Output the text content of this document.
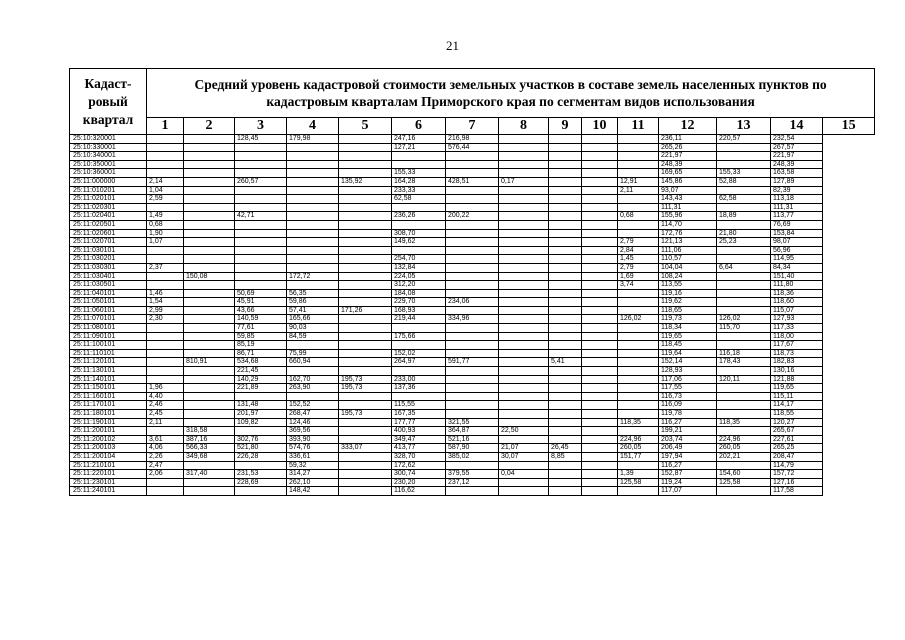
21
Кадаст-
ровый
квартал	Средний уровень кадастровой стоимости земельных участков в составе земель населенных пунктов по
кадастровым кварталам Приморского края по сегментам видов использования														
	1	2	3	4	5	6	7	8	9	10	11	12	13	14	15
25:10:320001			128,45	179,98		247,16	216,98					236,11	220,57	232,54	
25:10:330001						127,21	576,44					265,26		267,57	
25:10:340001												221,97		221,97	
25:10:350001												248,39		248,39	
25:10:360001						155,33						169,65	155,33	163,58	
25:11:000000	2,14		260,57		135,92	164,28	428,51	0,17			12,91	145,86	52,88	127,89	
25:11:010201	1,04					233,33					2,11	93,07		82,39	
25:11:020101	2,59					62,58						143,43	62,58	113,18	
25:11:020301												111,31		111,31	
25:11:020401	1,49		42,71			236,26	200,22				0,68	155,96	18,89	113,77	
25:11:020501	0,68											114,70		76,69	
25:11:020601	1,90					308,70						172,76	21,80	153,84	
25:11:020701	1,07					149,62					2,79	121,13	25,23	98,07	
25:11:030101											2,84	111,06		56,96	
25:11:030201						254,70					1,45	110,57		114,95	
25:11:030301	2,37					132,84					2,79	104,04	6,64	84,34	
25:11:030401		150,08		172,72		224,05					1,69	108,24		151,40	
25:11:030501						312,20					3,74	113,55		111,80	
25:11:040101	1,46		50,69	56,35		184,08						119,16		118,36	
25:11:050101	1,54		45,91	59,86		229,70	234,06					119,62		118,60	
25:11:060101	2,99		43,66	57,41	171,26	168,93						118,65		115,07	
25:11:070101	2,30		140,59	165,66		219,44	334,96				126,02	119,73	126,02	127,93	
25:11:080101			77,61	90,03								118,34	115,70	117,33	
25:11:090101			59,85	84,59		175,66						119,65		118,00	
25:11:100101			85,19									118,45		117,67	
25:11:110101			86,71	75,99		152,02						119,64	116,18	118,73	
25:11:120101		810,91	534,68	660,94		264,97	591,77		5,41			152,14	178,43	182,83	
25:11:130101			221,45									128,93		130,16	
25:11:140101			140,29	162,70	195,73	233,00						117,06	120,11	121,88	
25:11:150101	1,96		221,89	263,90	195,73	137,36						117,55		119,65	
25:11:160101	4,40											116,73		115,11	
25:11:170101	2,46		131,48	152,52		115,55						116,09		114,17	
25:11:180101	2,45		201,97	268,47	195,73	167,35						119,78		118,55	
25:11:190101	2,11		109,82	124,46		177,77	321,55				118,35	116,27	118,35	120,27	
25:11:200101		318,58		369,56		400,93	364,87	22,50				199,21		265,67	
25:11:200102	3,61	387,16	302,76	393,90		349,47	521,16				224,96	203,74	224,96	227,61	
25:11:200103	4,06	566,33	521,80	574,76	333,07	413,77	587,90	21,07	26,45		260,05	206,49	260,05	265,25	
25:11:200104	2,26	349,68	226,28	336,61		328,70	385,02	30,07	8,85		151,77	197,94	202,21	208,47	
25:11:210101	2,47			59,32		172,62						116,27		114,79	
25:11:220101	2,06	317,40	231,53	314,27		300,74	379,55	0,04			1,39	152,87	154,60	157,72	
25:11:230101			228,69	262,10		230,20	237,12				125,58	119,24	125,58	127,16	
25:11:240101				148,42		116,62						117,07		117,58	
